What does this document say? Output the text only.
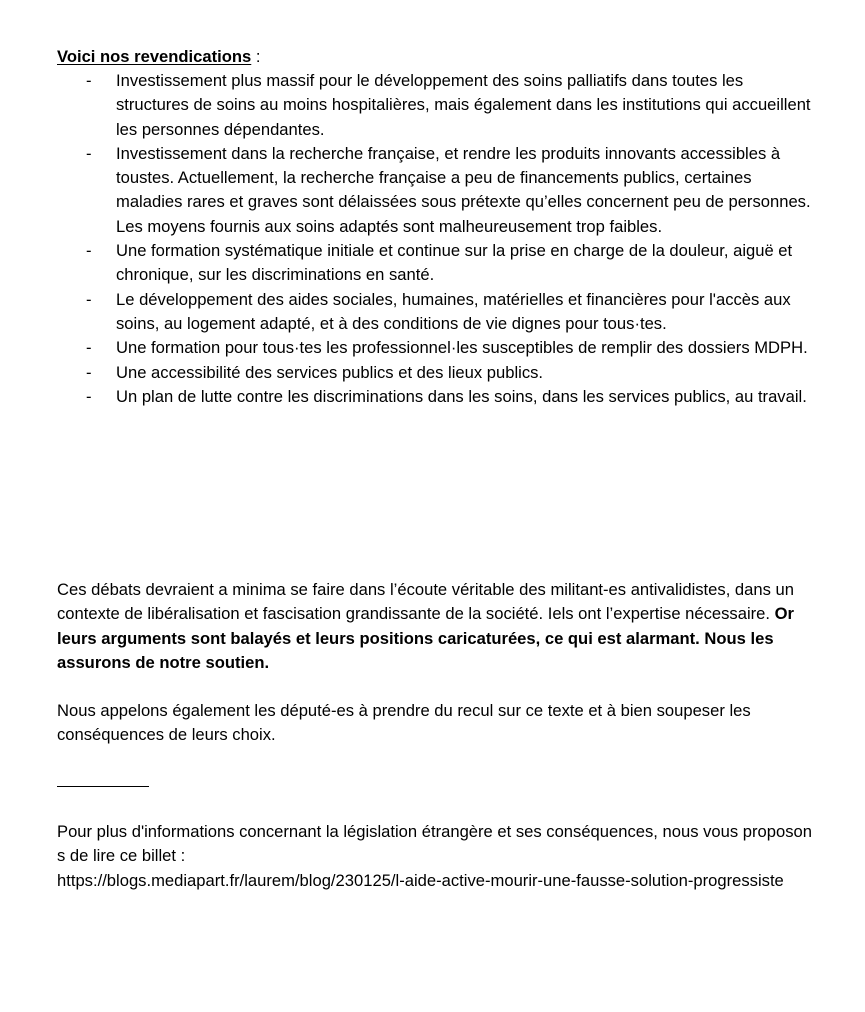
Voici nos revendications :

- Investissement plus massif pour le développement des soins palliatifs dans toutes les structures de soins au moins hospitalières, mais également dans les institutions qui accueillent les personnes dépendantes.
- Investissement dans la recherche française, et rendre les produits innovants accessibles à toustes. Actuellement, la recherche française a peu de financements publics, certaines maladies rares et graves sont délaissées sous prétexte qu’elles concernent peu de personnes. Les moyens fournis aux soins adaptés sont malheureusement trop faibles.
- Une formation systématique initiale et continue sur la prise en charge de la douleur, aiguë et chronique, sur les discriminations en santé.
- Le développement des aides sociales, humaines, matérielles et financières pour l'accès aux soins, au logement adapté, et à des conditions de vie dignes pour tous·tes.
- Une formation pour tous·tes les professionnel·les susceptibles de remplir des dossiers MDPH.
- Une accessibilité des services publics et des lieux publics.
- Un plan de lutte contre les discriminations dans les soins, dans les services publics, au travail.

Ces débats devraient a minima se faire dans l’écoute véritable des militant-es antivalidistes, dans un contexte de libéralisation et fascisation grandissante de la société. Iels ont l’expertise nécessaire. Or leurs arguments sont balayés et leurs positions caricaturées, ce qui est alarmant. Nous les assurons de notre soutien.

Nous appelons également les député-es à prendre du recul sur ce texte et à bien soupeser les conséquences de leurs choix.

Pour plus d'informations concernant la législation étrangère et ses conséquences, nous vous proposons de lire ce billet :
https://blogs.mediapart.fr/laurem/blog/230125/l-aide-active-mourir-une-fausse-solution-progressiste
